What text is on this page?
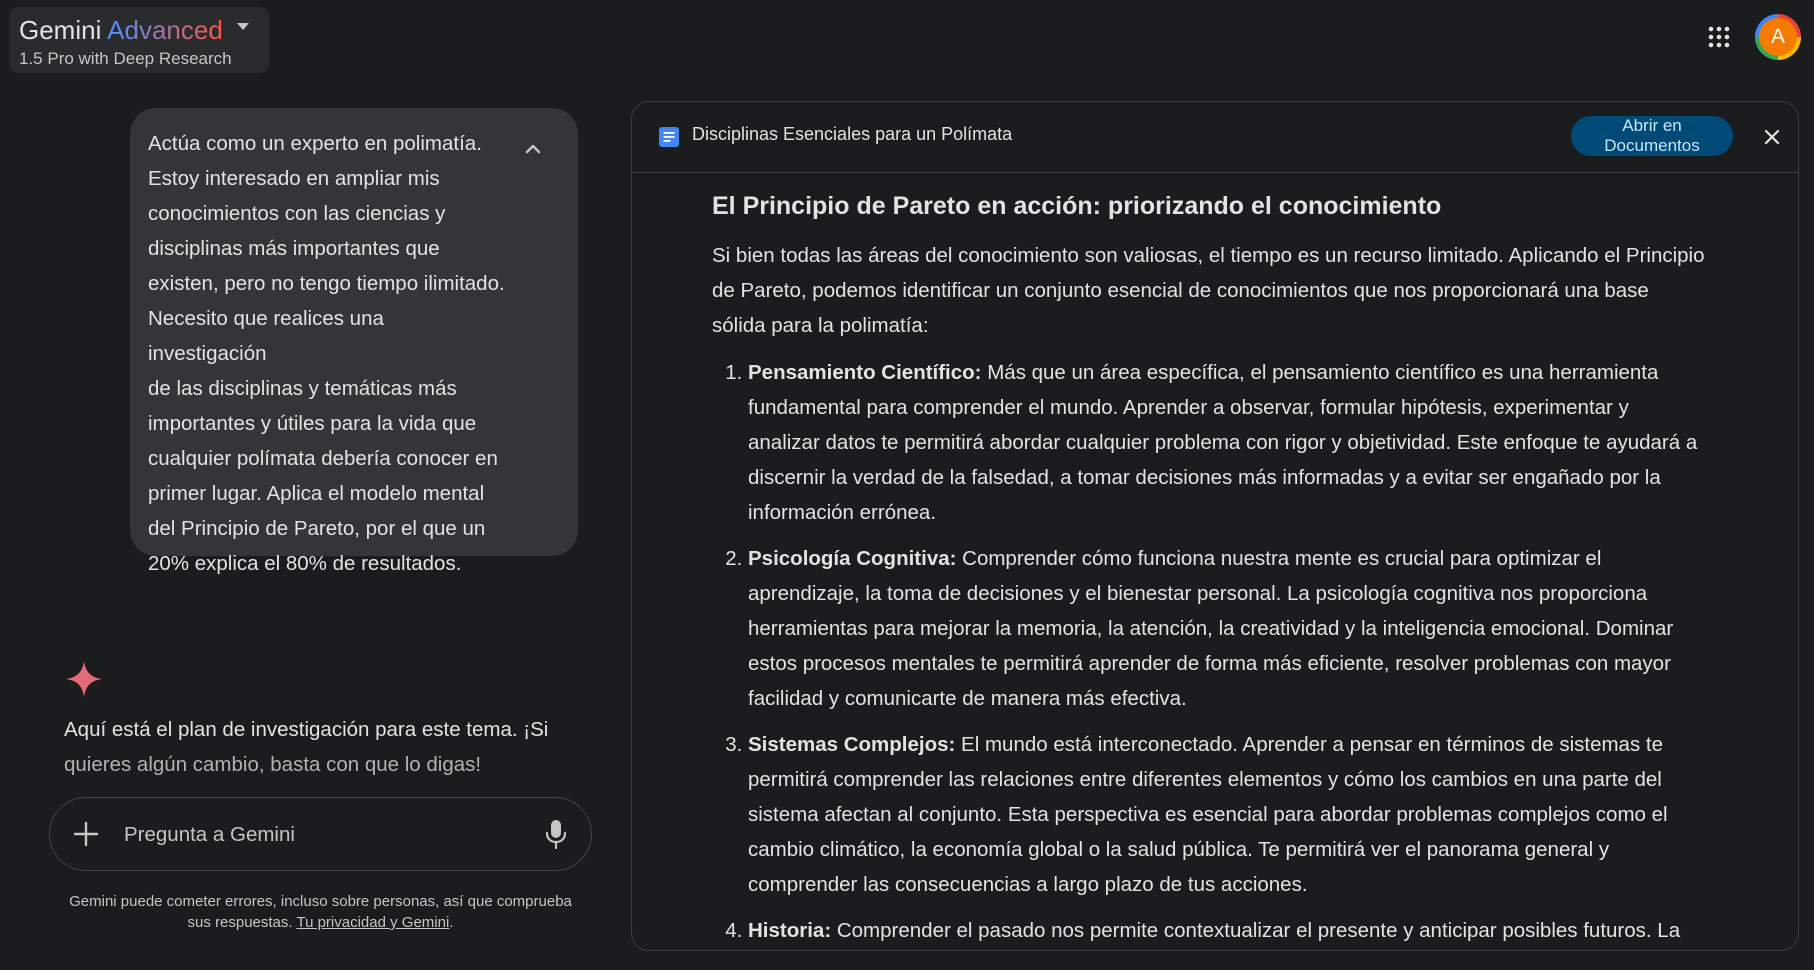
Gemini Advanced
1.5 Pro with Deep Research
A

Actúa como un experto en polimatía.
Estoy interesado en ampliar mis
conocimientos con las ciencias y
disciplinas más importantes que
existen, pero no tengo tiempo ilimitado.
Necesito que realices una investigación
de las disciplinas y temáticas más
importantes y útiles para la vida que
cualquier polímata debería conocer en
primer lugar. Aplica el modelo mental
del Principio de Pareto, por el que un
20% explica el 80% de resultados.

Aquí está el plan de investigación para este tema. ¡Si
quieres algún cambio, basta con que lo digas!
Pregunta a Gemini
Gemini puede cometer errores, incluso sobre personas, así que comprueba
sus respuestas. Tu privacidad y Gemini.
Disciplinas Esenciales para un Polímata	Abrir en
Documentos
El Principio de Pareto en acción: priorizando el conocimiento

Si bien todas las áreas del conocimiento son valiosas, el tiempo es un recurso limitado. Aplicando el Principio
de Pareto, podemos identificar un conjunto esencial de conocimientos que nos proporcionará una base
sólida para la polimatía:

1. Pensamiento Científico: Más que un área específica, el pensamiento científico es una herramienta
fundamental para comprender el mundo. Aprender a observar, formular hipótesis, experimentar y
analizar datos te permitirá abordar cualquier problema con rigor y objetividad. Este enfoque te ayudará a
discernir la verdad de la falsedad, a tomar decisiones más informadas y a evitar ser engañado por la
información errónea.
2. Psicología Cognitiva: Comprender cómo funciona nuestra mente es crucial para optimizar el
aprendizaje, la toma de decisiones y el bienestar personal. La psicología cognitiva nos proporciona
herramientas para mejorar la memoria, la atención, la creatividad y la inteligencia emocional. Dominar
estos procesos mentales te permitirá aprender de forma más eficiente, resolver problemas con mayor
facilidad y comunicarte de manera más efectiva.
3. Sistemas Complejos: El mundo está interconectado. Aprender a pensar en términos de sistemas te
permitirá comprender las relaciones entre diferentes elementos y cómo los cambios en una parte del
sistema afectan al conjunto. Esta perspectiva es esencial para abordar problemas complejos como el
cambio climático, la economía global o la salud pública. Te permitirá ver el panorama general y
comprender las consecuencias a largo plazo de tus acciones.
4. Historia: Comprender el pasado nos permite contextualizar el presente y anticipar posibles futuros. La
